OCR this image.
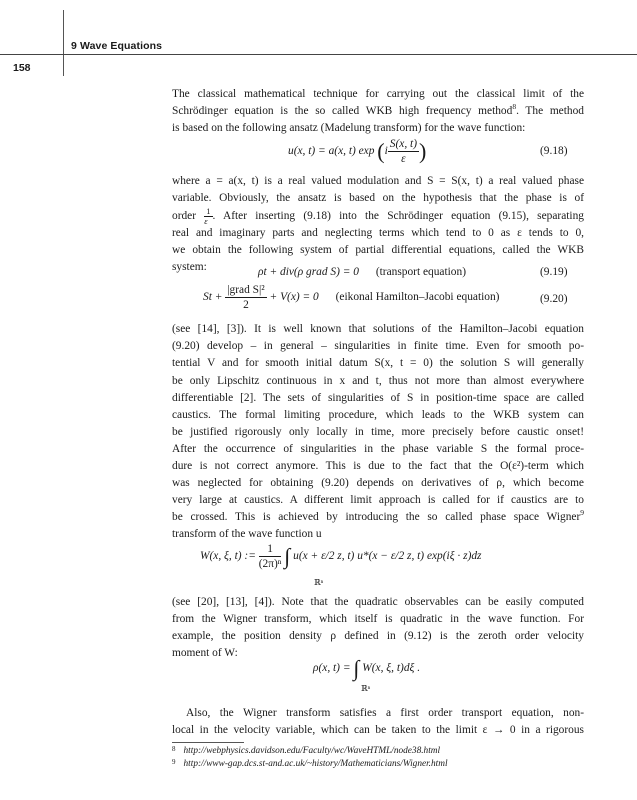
9 Wave Equations
158
The classical mathematical technique for carrying out the classical limit of the
Schrödinger equation is the so called WKB high frequency method$^8$. The method
is based on the following ansatz (Madelung transform) for the wave function:
u(x, t) = a(x, t) $\exp (i \frac{S(x, t)}{\varepsilon}$ )	(9.18)
where a = a(x, t) is a real valued modulation and S = S(x, t) a real valued phase
variable. Obviously, the ansatz is based on the hypothesis that the phase is of
order $\frac{1}{\varepsilon}$ . After inserting (9.18) into the Schrödinger equation (9.15), separating
real and imaginary parts and neglecting terms which tend to 0 as ε tends to 0,
we obtain the following system of partial differential equations, called the WKB
system:	ρt + div(ρ grad S) = 0 (transport equation)	(9.19)
$St + \frac{\text{|grad S|²}}{2} + V(x) = 0$ (eikonal Hamilton–Jacobi equation)	(9.20)
(see [14], [3]). It is well known that solutions of the Hamilton–Jacobi equation
(9.20) develop – in general – singularities in finite time. Even for smooth po-
tential V and for smooth initial datum S(x, t = 0) the solution S will generally
be only Lipschitz continuous in x and t, thus not more than almost everywhere
differentiable [2]. The sets of singularities of S in position-time space are called
caustics. The formal limiting procedure, which leads to the WKB system can
be justified rigorously only locally in time, more precisely before caustic onset!
After the occurrence of singularities in the phase variable S the formal proce-
dure is not correct anymore. This is due to the fact that the O(ε²)-term which
was neglected for obtaining (9.20) depends on derivatives of ρ, which become
very large at caustics. A different limit approach is called for if caustics are to
be crossed. This is achieved by introducing the so called phase space Wigner$^9$
transform of the wave function u
W(x, ξ, t) := $\frac{1}{\text{(2π)ⁿ}}$ ∫ u(x + ε/2 z, t) u*(x − ε/2 z, t) exp(iξ · z)dz
ℝⁿ
(see [20], [13], [4]). Note that the quadratic observables can be easily computed
from the Wigner transform, which itself is quadratic in the wave function. For
example, the position density ρ defined in (9.12) is the zeroth order velocity
moment of W:
ρ(x, t) = ∫ W(x, ξ, t)dξ .
ℝⁿ
Also, the Wigner transform satisfies a first order transport equation, non-
local in the velocity variable, which can be taken to the limit ε → 0 in a rigorous
$^8$ http://webphysics.davidson.edu/Faculty/wc/WaveHTML/node38.html
$^9$ http://www-gap.dcs.st-and.ac.uk/~history/Mathematicians/Wigner.html
